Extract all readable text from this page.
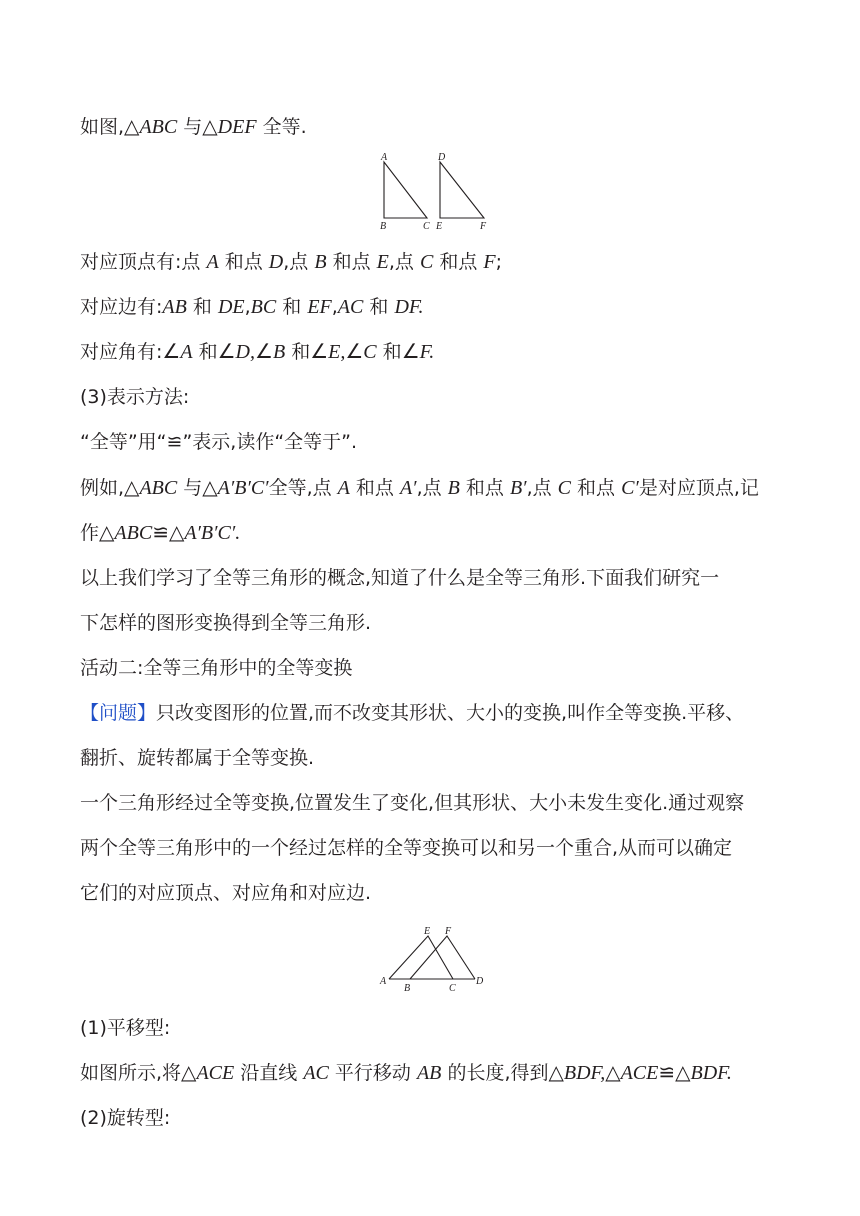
如图,△ABC 与△DEF 全等.
A
B	C
D
E	F
对应顶点有:点 A 和点 D,点 B 和点 E,点 C 和点 F;
对应边有:AB 和 DE,BC 和 EF,AC 和 DF.
对应角有:∠A 和∠D,∠B 和∠E,∠C 和∠F.
(3)表示方法:
“全等”用“≌”表示,读作“全等于”.
例如,△ABC 与△A′B′C′全等,点 A 和点 A′,点 B 和点 B′,点 C 和点 C′是对应顶点,记
作△ABC≌△A′B′C′.
以上我们学习了全等三角形的概念,知道了什么是全等三角形.下面我们研究一
下怎样的图形变换得到全等三角形.
活动二:全等三角形中的全等变换
【问题】只改变图形的位置,而不改变其形状、大小的变换,叫作全等变换.平移、
翻折、旋转都属于全等变换.
一个三角形经过全等变换,位置发生了变化,但其形状、大小未发生变化.通过观察
两个全等三角形中的一个经过怎样的全等变换可以和另一个重合,从而可以确定
它们的对应顶点、对应角和对应边.
A
B	C
D
E F
(1)平移型:
如图所示,将△ACE 沿直线 AC 平行移动 AB 的长度,得到△BDF,△ACE≌△BDF.
(2)旋转型:
